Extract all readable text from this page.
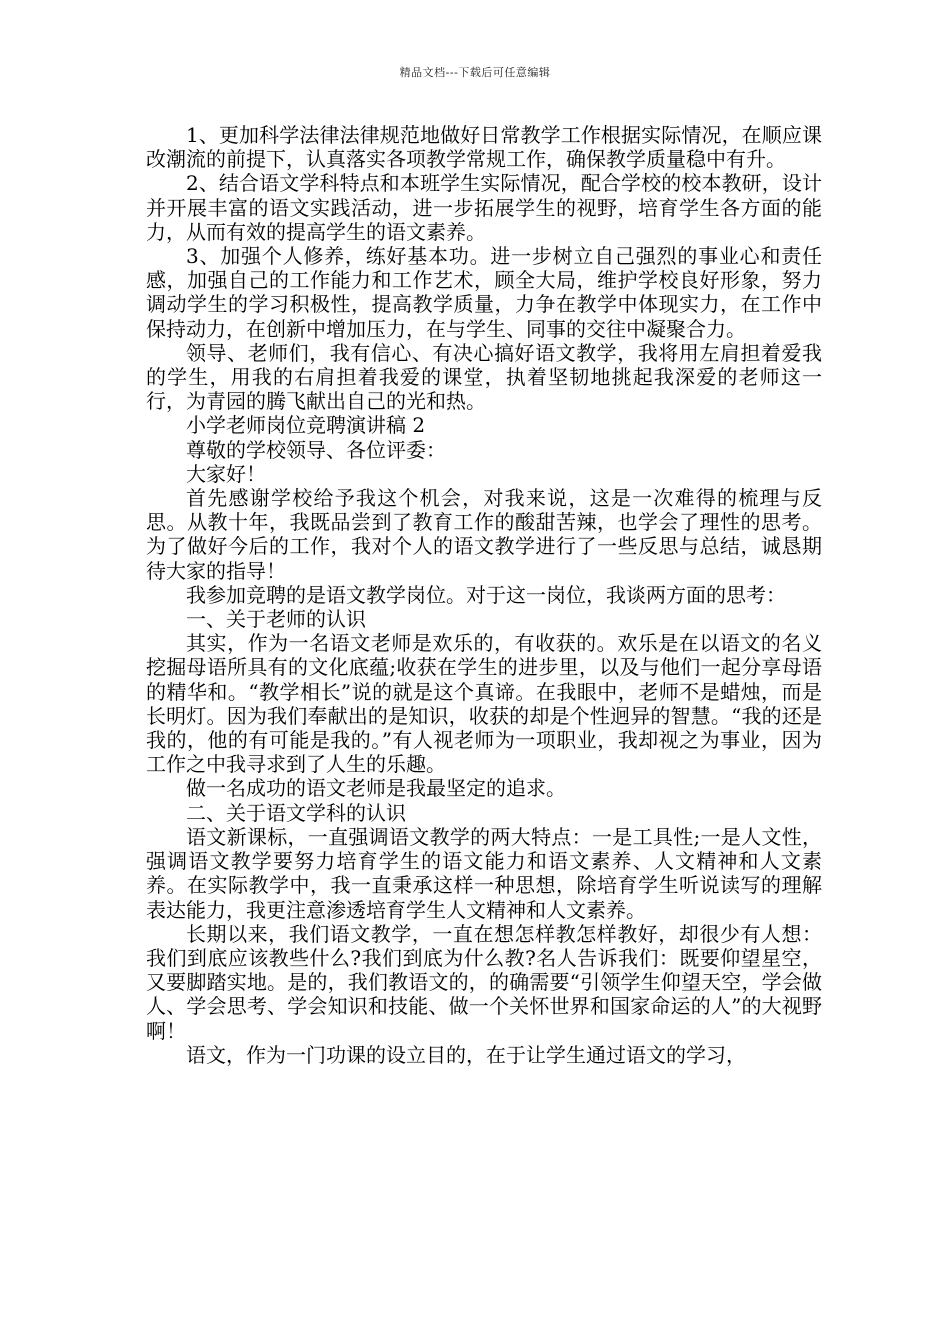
精品文档---下载后可任意编辑

1、更加科学法律法律规范地做好日常教学工作根据实际情况，在顺应课改潮流的前提下，认真落实各项教学常规工作，确保教学质量稳中有升。

2、结合语文学科特点和本班学生实际情况，配合学校的校本教研，设计并开展丰富的语文实践活动，进一步拓展学生的视野，培育学生各方面的能力，从而有效的提高学生的语文素养。

3、加强个人修养，练好基本功。进一步树立自己强烈的事业心和责任感，加强自己的工作能力和工作艺术，顾全大局，维护学校良好形象，努力调动学生的学习积极性，提高教学质量，力争在教学中体现实力，在工作中保持动力，在创新中增加压力，在与学生、同事的交往中凝聚合力。

领导、老师们，我有信心、有决心搞好语文教学，我将用左肩担着爱我的学生，用我的右肩担着我爱的课堂，执着坚韧地挑起我深爱的老师这一行，为青园的腾飞献出自己的光和热。

小学老师岗位竞聘演讲稿 2

尊敬的学校领导、各位评委：

大家好！

首先感谢学校给予我这个机会，对我来说，这是一次难得的梳理与反思。从教十年，我既品尝到了教育工作的酸甜苦辣，也学会了理性的思考。为了做好今后的工作，我对个人的语文教学进行了一些反思与总结，诚恳期待大家的指导！

我参加竞聘的是语文教学岗位。对于这一岗位，我谈两方面的思考：

一、关于老师的认识

其实，作为一名语文老师是欢乐的，有收获的。欢乐是在以语文的名义挖掘母语所具有的文化底蕴;收获在学生的进步里，以及与他们一起分享母语的精华和。“教学相长”说的就是这个真谛。在我眼中，老师不是蜡烛，而是长明灯。因为我们奉献出的是知识，收获的却是个性迥异的智慧。“我的还是我的，他的有可能是我的。”有人视老师为一项职业，我却视之为事业，因为工作之中我寻求到了人生的乐趣。

做一名成功的语文老师是我最坚定的追求。

二、关于语文学科的认识

语文新课标，一直强调语文教学的两大特点：一是工具性;一是人文性，强调语文教学要努力培育学生的语文能力和语文素养、人文精神和人文素养。在实际教学中，我一直秉承这样一种思想，除培育学生听说读写的理解表达能力，我更注意渗透培育学生人文精神和人文素养。

长期以来，我们语文教学，一直在想怎样教怎样教好，却很少有人想：我们到底应该教些什么?我们到底为什么教?名人告诉我们：既要仰望星空，又要脚踏实地。是的，我们教语文的，的确需要“引领学生仰望天空，学会做人、学会思考、学会知识和技能、做一个关怀世界和国家命运的人”的大视野啊！

语文，作为一门功课的设立目的，在于让学生通过语文的学习，
